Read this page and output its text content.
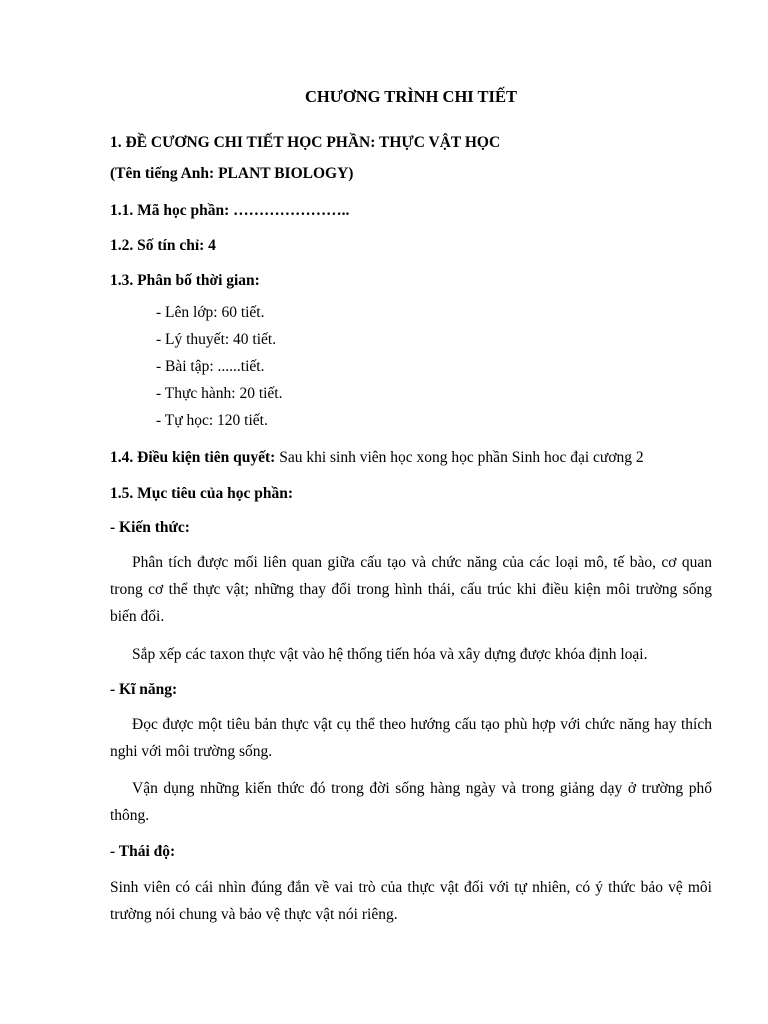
CHƯƠNG TRÌNH CHI TIẾT
1. ĐỀ CƯƠNG CHI TIẾT HỌC PHẦN: THỰC VẬT HỌC
(Tên tiếng Anh: PLANT BIOLOGY)
1.1. Mã học phần: …………………..
1.2. Số tín chỉ: 4
1.3. Phân bố thời gian:
- Lên lớp: 60 tiết.
- Lý thuyết: 40 tiết.
- Bài tập: ......tiết.
- Thực hành: 20 tiết.
- Tự học: 120 tiết.
1.4. Điều kiện tiên quyết: Sau khi sinh viên học xong học phần Sinh hoc đại cương 2
1.5. Mục tiêu của học phần:
- Kiến thức:
Phân tích được mối liên quan giữa cấu tạo và chức năng của các loại mô, tế bào, cơ quan trong cơ thể thực vật; những thay đổi trong hình thái, cấu trúc khi điều kiện môi trường sống biến đổi.
Sắp xếp các taxon thực vật vào hệ thống tiến hóa và xây dựng được khóa định loại.
- Kĩ năng:
Đọc được một tiêu bản thực vật cụ thể theo hướng cấu tạo phù hợp với chức năng hay thích nghi với môi trường sống.
Vận dụng những kiến thức đó trong đời sống hàng ngày và trong giảng dạy ở trường phổ thông.
- Thái độ:
Sinh viên có cái nhìn đúng đắn về vai trò của thực vật đối với tự nhiên, có ý thức bảo vệ môi trường nói chung và bảo vệ thực vật nói riêng.
